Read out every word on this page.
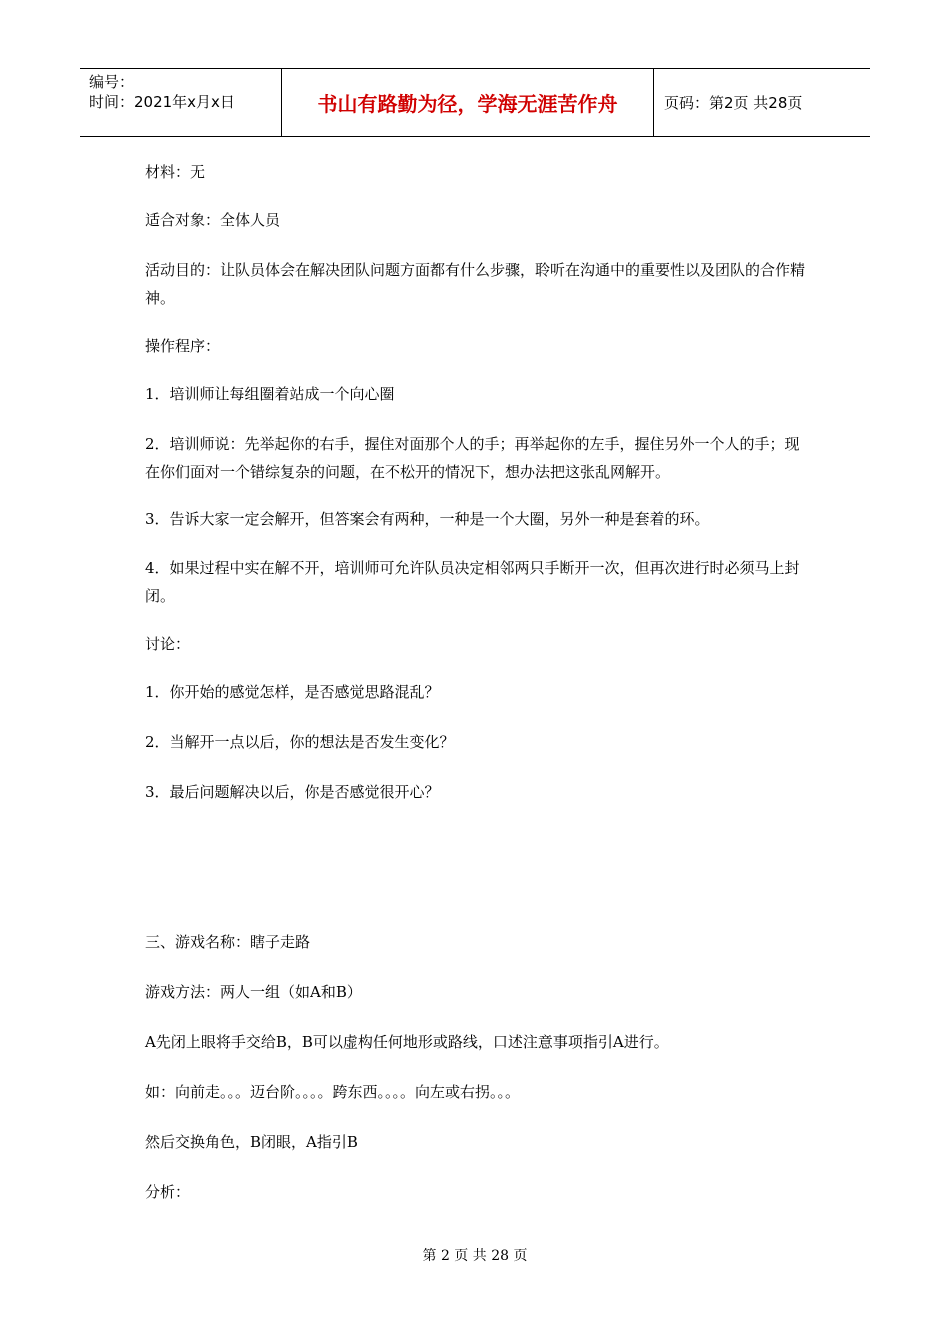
编号：
时间：2021年x月x日	书山有路勤为径，学海无涯苦作舟	页码：第2页 共28页

材料：无

适合对象：全体人员

活动目的：让队员体会在解决团队问题方面都有什么步骤，聆听在沟通中的重要性以及团队的合作精神。

操作程序：

1．培训师让每组圈着站成一个向心圈

2．培训师说：先举起你的右手，握住对面那个人的手；再举起你的左手，握住另外一个人的手；现在你们面对一个错综复杂的问题，在不松开的情况下，想办法把这张乱网解开。

3．告诉大家一定会解开，但答案会有两种，一种是一个大圈，另外一种是套着的环。

4．如果过程中实在解不开，培训师可允许队员决定相邻两只手断开一次，但再次进行时必须马上封闭。

讨论：

1．你开始的感觉怎样，是否感觉思路混乱？

2．当解开一点以后，你的想法是否发生变化？

3．最后问题解决以后，你是否感觉很开心？

三、游戏名称：瞎子走路

游戏方法：两人一组（如A和B）

A先闭上眼将手交给B，B可以虚构任何地形或路线，口述注意事项指引A进行。

如：向前走。。。迈台阶。。。。跨东西。。。。向左或右拐。。。

然后交换角色，B闭眼，A指引B

分析：

第 2 页 共 28 页
